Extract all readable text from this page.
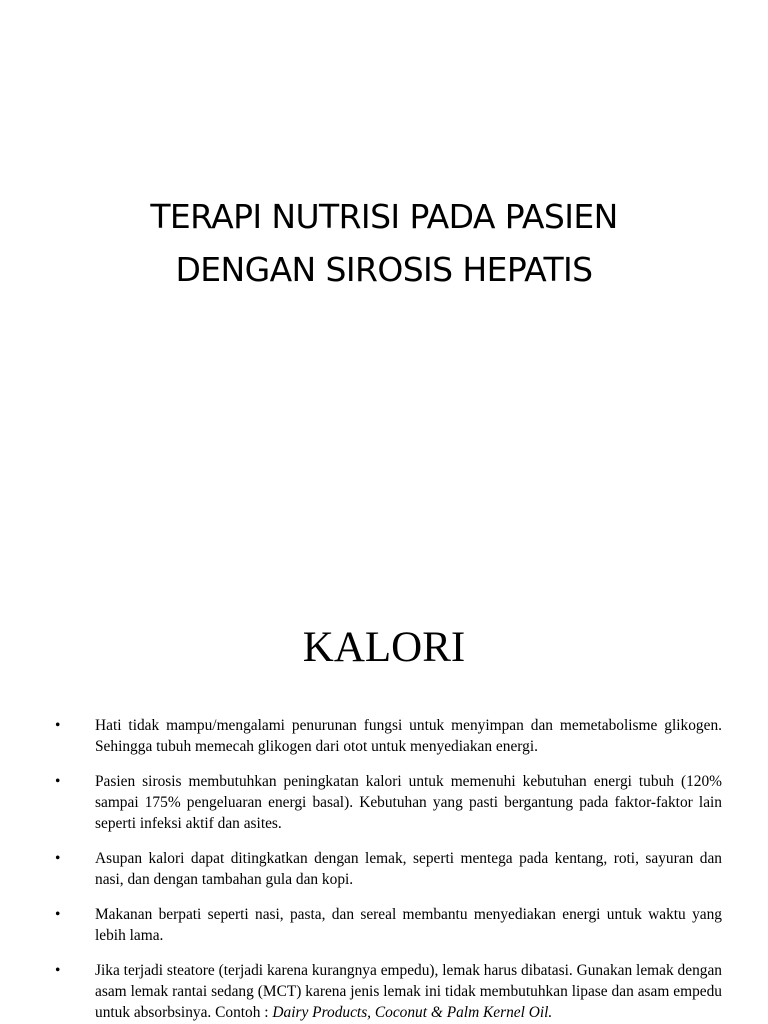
TERAPI NUTRISI PADA PASIEN
DENGAN SIROSIS HEPATIS
KALORI
• Hati tidak mampu/mengalami penurunan fungsi untuk menyimpan dan memetabolisme glikogen. Sehingga tubuh memecah glikogen dari otot untuk menyediakan energi.
• Pasien sirosis membutuhkan peningkatan kalori untuk memenuhi kebutuhan energi tubuh (120% sampai 175% pengeluaran energi basal). Kebutuhan yang pasti bergantung pada faktor-faktor lain seperti infeksi aktif dan asites.
• Asupan kalori dapat ditingkatkan dengan lemak, seperti mentega pada kentang, roti, sayuran dan nasi, dan dengan tambahan gula dan kopi.
• Makanan berpati seperti nasi, pasta, dan sereal membantu menyediakan energi untuk waktu yang lebih lama.
• Jika terjadi steatore (terjadi karena kurangnya empedu), lemak harus dibatasi. Gunakan lemak dengan asam lemak rantai sedang (MCT) karena jenis lemak ini tidak membutuhkan lipase dan asam empedu untuk absorbsinya. Contoh : Dairy Products, Coconut & Palm Kernel Oil.
